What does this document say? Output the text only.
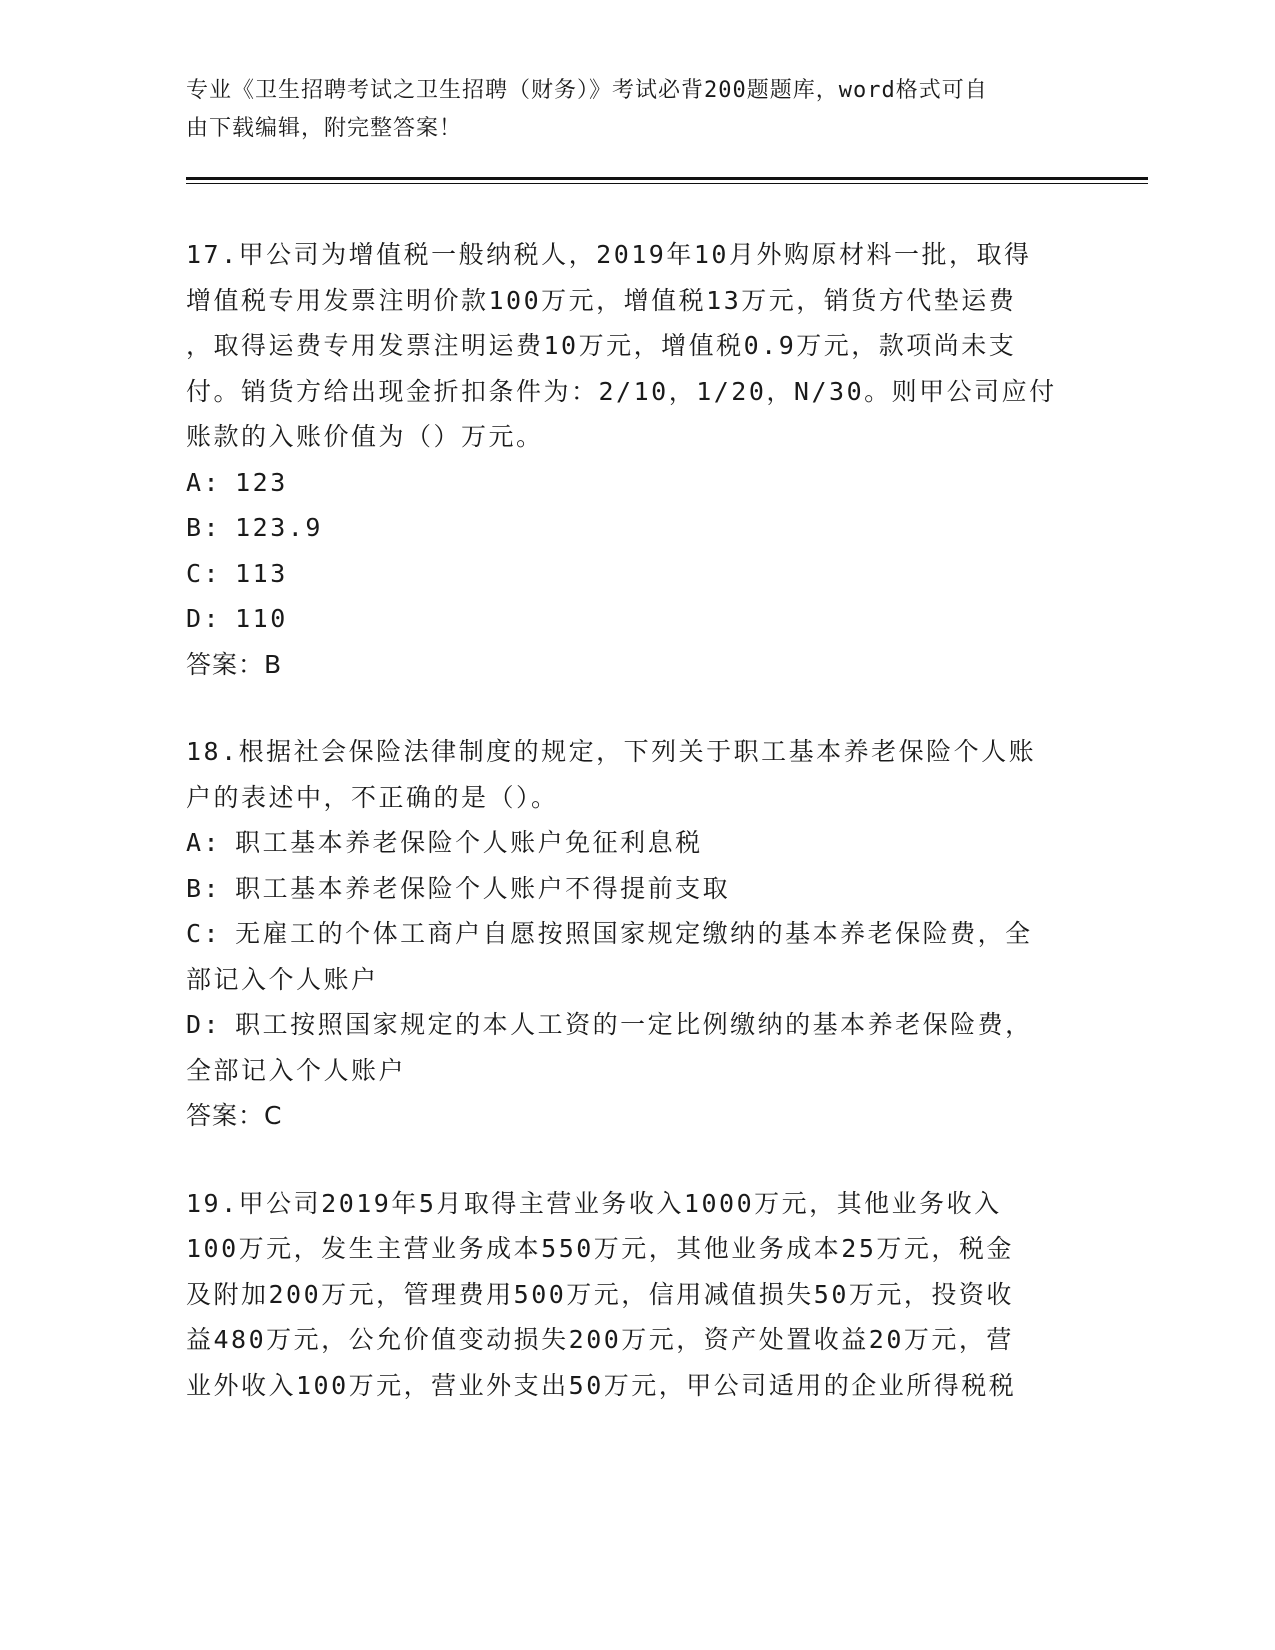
专业《卫生招聘考试之卫生招聘（财务）》考试必背200题题库，word格式可自
由下载编辑，附完整答案！

17.甲公司为增值税一般纳税人，2019年10月外购原材料一批，取得

增值税专用发票注明价款100万元，增值税13万元，销货方代垫运费

，取得运费专用发票注明运费10万元，增值税0.9万元，款项尚未支

付。销货方给出现金折扣条件为：2/10，1/20，N/30。则甲公司应付

账款的入账价值为（）万元。

A: 123

B: 123.9

C: 113

D: 110

答案：B

18.根据社会保险法律制度的规定，下列关于职工基本养老保险个人账

户的表述中，不正确的是（）。

A: 职工基本养老保险个人账户免征利息税

B: 职工基本养老保险个人账户不得提前支取

C: 无雇工的个体工商户自愿按照国家规定缴纳的基本养老保险费，全

部记入个人账户

D: 职工按照国家规定的本人工资的一定比例缴纳的基本养老保险费，

全部记入个人账户

答案：C

19.甲公司2019年5月取得主营业务收入1000万元，其他业务收入

100万元，发生主营业务成本550万元，其他业务成本25万元，税金

及附加200万元，管理费用500万元，信用减值损失50万元，投资收

益480万元，公允价值变动损失200万元，资产处置收益20万元，营

业外收入100万元，营业外支出50万元，甲公司适用的企业所得税税
